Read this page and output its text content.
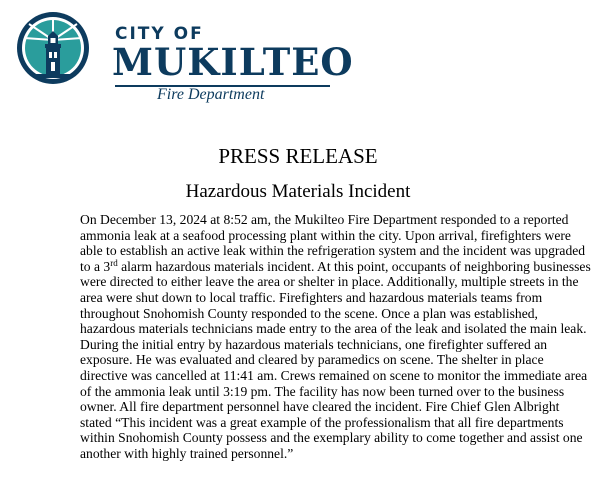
CITY OF
MUKILTEO
Fire Department
PRESS RELEASE
Hazardous Materials Incident

On December 13, 2024 at 8:52 am, the Mukilteo Fire Department responded to a reported ammonia leak at a seafood processing plant within the city. Upon arrival, firefighters were able to establish an active leak within the refrigeration system and the incident was upgraded to a 3rd alarm hazardous materials incident. At this point, occupants of neighboring businesses were directed to either leave the area or shelter in place. Additionally, multiple streets in the area were shut down to local traffic. Firefighters and hazardous materials teams from throughout Snohomish County responded to the scene. Once a plan was established, hazardous materials technicians made entry to the area of the leak and isolated the main leak. During the initial entry by hazardous materials technicians, one firefighter suffered an exposure. He was evaluated and cleared by paramedics on scene. The shelter in place directive was cancelled at 11:41 am. Crews remained on scene to monitor the immediate area of the ammonia leak until 3:19 pm. The facility has now been turned over to the business owner. All fire department personnel have cleared the incident. Fire Chief Glen Albright stated “This incident was a great example of the professionalism that all fire departments within Snohomish County possess and the exemplary ability to come together and assist one another with highly trained personnel.”
